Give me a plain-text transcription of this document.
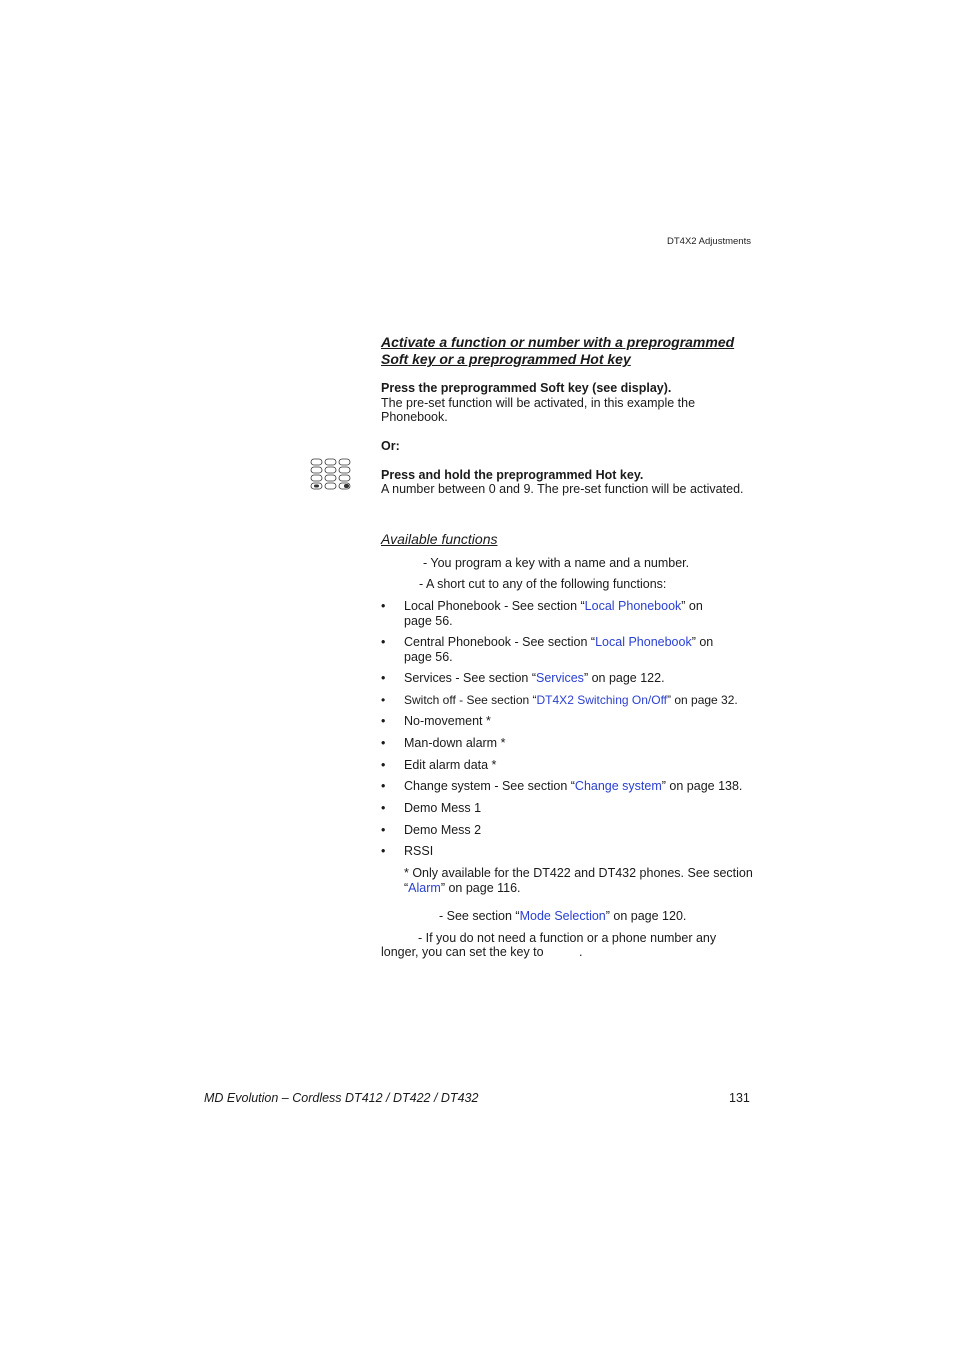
DT4X2 Adjustments
Activate a function or number with a preprogrammed
Soft key or a preprogrammed Hot key
Press the preprogrammed Soft key (see display).
The pre-set function will be activated, in this example the
Phonebook.
Or:
Press and hold the preprogrammed Hot key.
A number between 0 and 9. The pre-set function will be activated.
Available functions
- You program a key with a name and a number.
- A short cut to any of the following functions:
• Local Phonebook - See section “Local Phonebook” on
page 56.
• Central Phonebook - See section “Local Phonebook” on
page 56.
• Services - See section “Services” on page 122.
• Switch off - See section “DT4X2 Switching On/Off” on page 32.
• No-movement *
• Man-down alarm *
• Edit alarm data *
• Change system - See section “Change system” on page 138.
• Demo Mess 1
• Demo Mess 2
• RSSI
* Only available for the DT422 and DT432 phones. See section
“Alarm” on page 116.
- See section “Mode Selection” on page 120.
- If you do not need a function or a phone number any
longer, you can set the key to	.
MD Evolution – Cordless DT412 / DT422 / DT432	131
